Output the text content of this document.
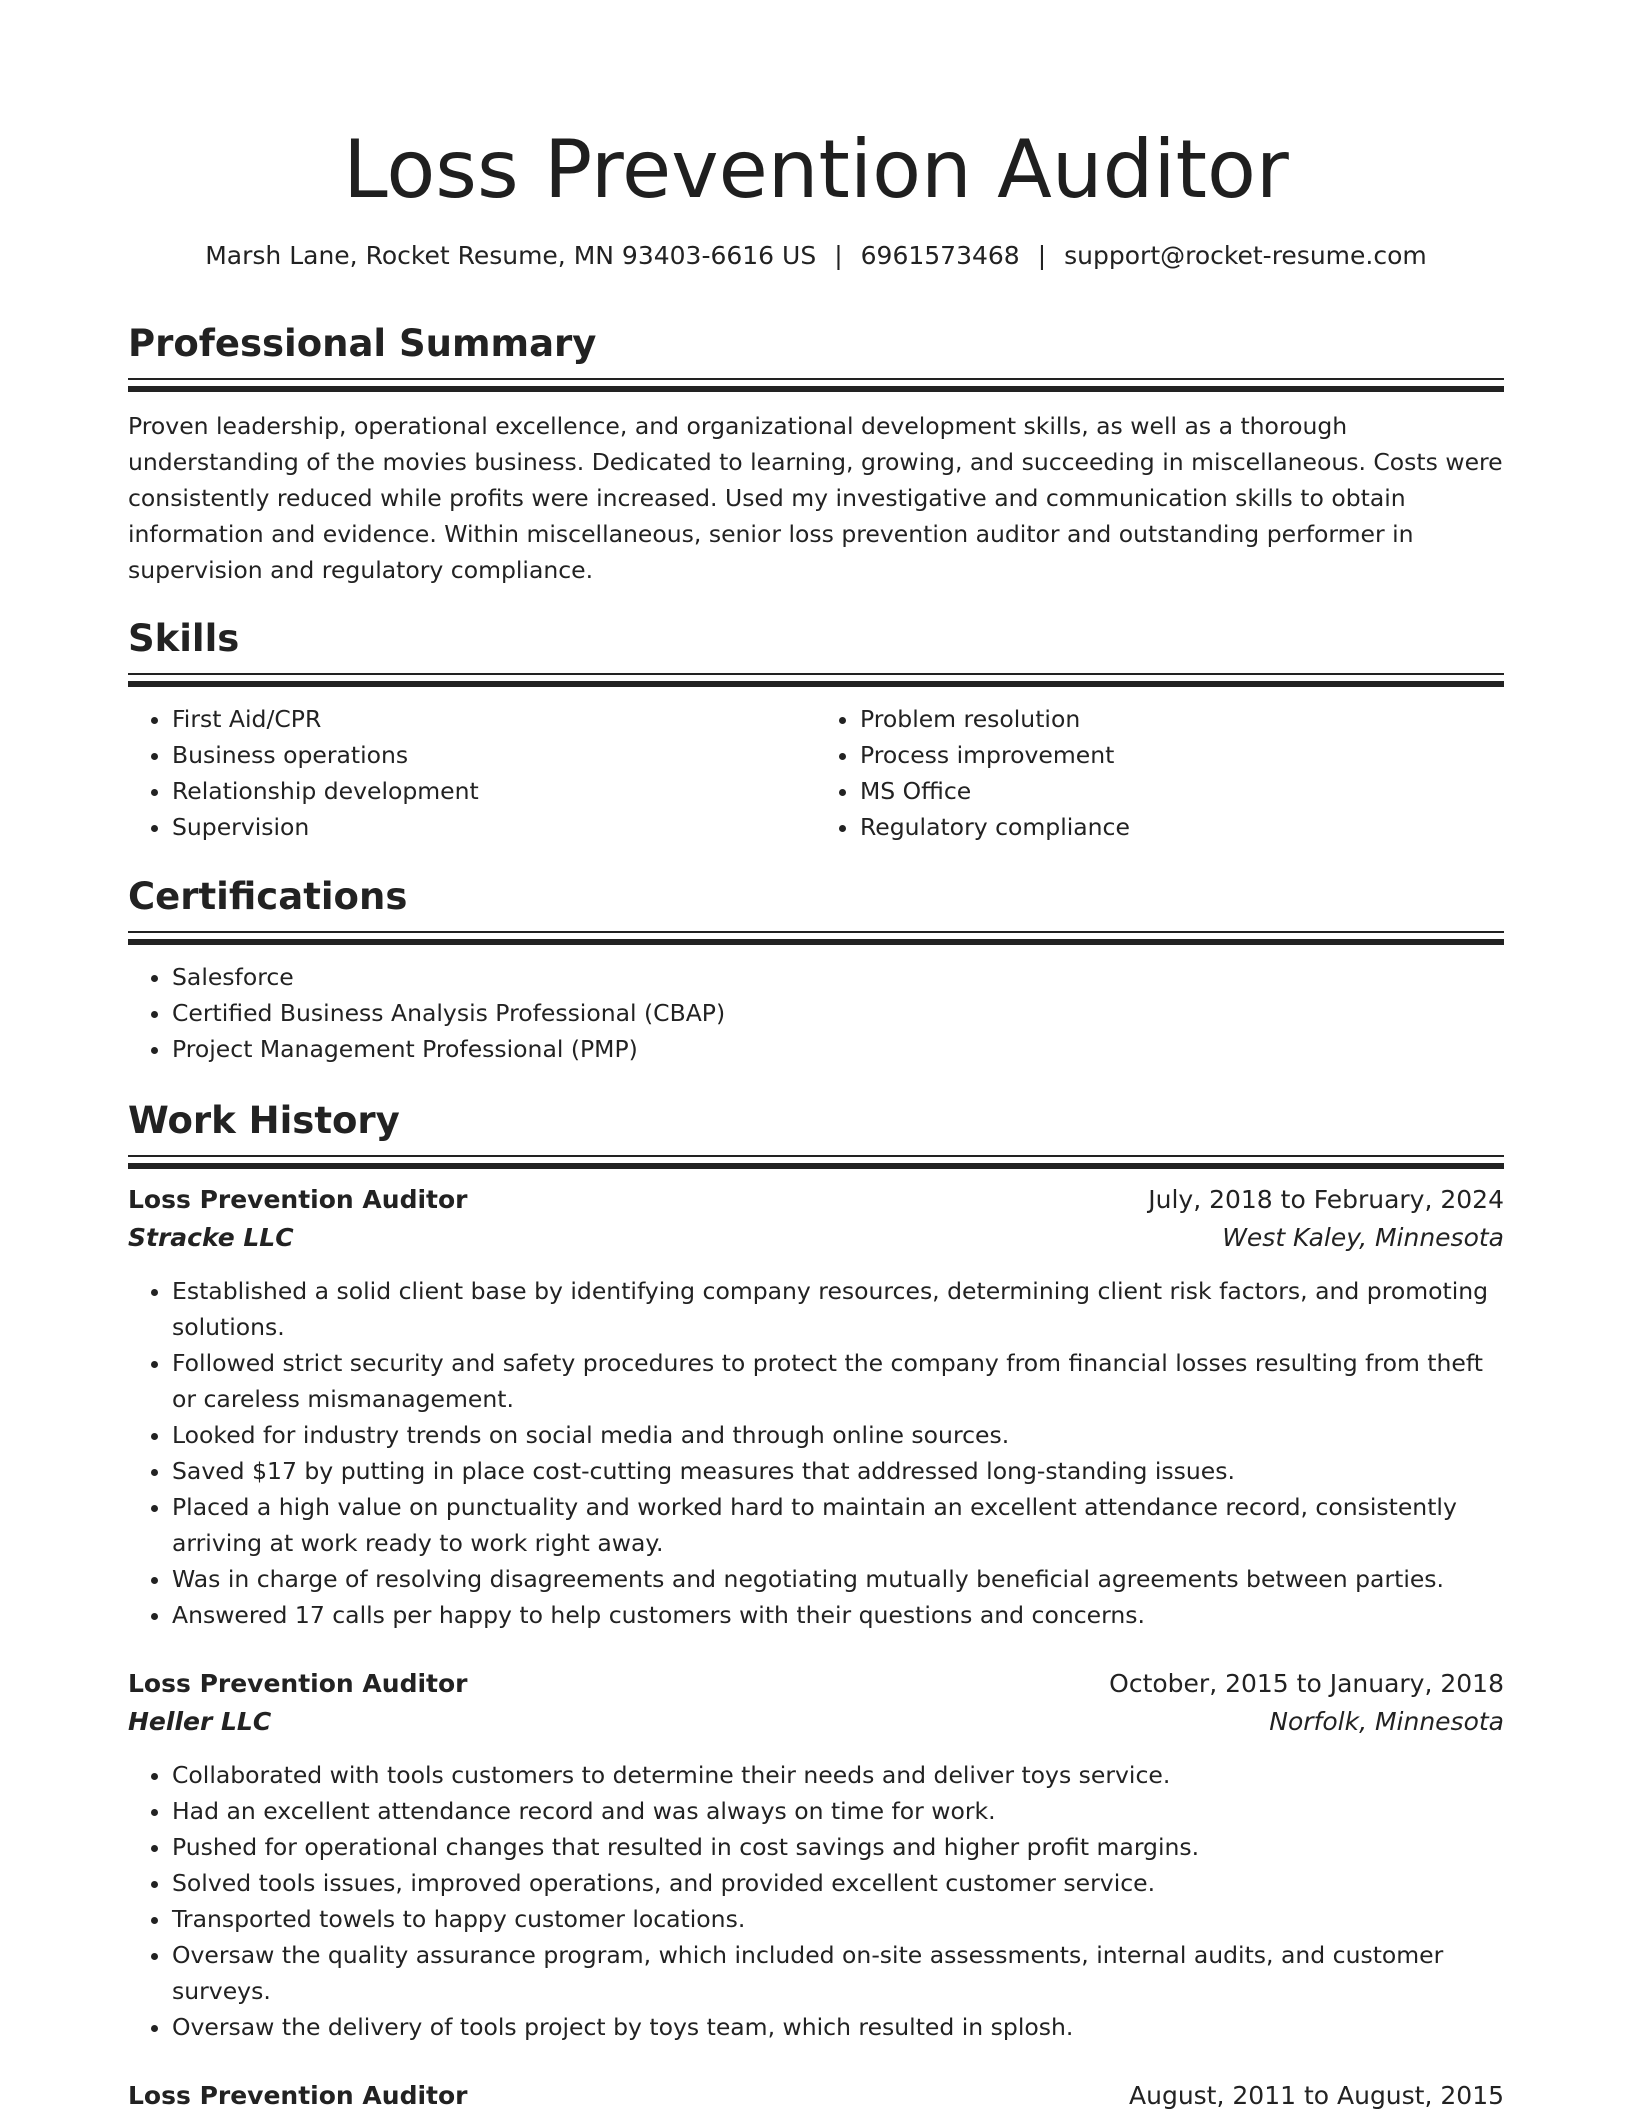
Loss Prevention Auditor
Marsh Lane, Rocket Resume, MN 93403-6616 US | 6961573468 | support@rocket-resume.com
Professional Summary

Proven leadership, operational excellence, and organizational development skills, as well as a thorough understanding of the movies business. Dedicated to learning, growing, and succeeding in miscellaneous. Costs were consistently reduced while profits were increased. Used my investigative and communication skills to obtain information and evidence. Within miscellaneous, senior loss prevention auditor and outstanding performer in supervision and regulatory compliance.

Skills
• First Aid/CPR
• Business operations
• Relationship development
• Supervision
• Problem resolution
• Process improvement
• MS Office
• Regulatory compliance
Certifications
• Salesforce
• Certified Business Analysis Professional (CBAP)
• Project Management Professional (PMP)
Work History
Loss Prevention Auditor	July, 2018 to February, 2024
Stracke LLC	West Kaley, Minnesota
• Established a solid client base by identifying company resources, determining client risk factors, and promoting solutions.
• Followed strict security and safety procedures to protect the company from financial losses resulting from theft or careless mismanagement.
• Looked for industry trends on social media and through online sources.
• Saved $17 by putting in place cost-cutting measures that addressed long-standing issues.
• Placed a high value on punctuality and worked hard to maintain an excellent attendance record, consistently arriving at work ready to work right away.
• Was in charge of resolving disagreements and negotiating mutually beneficial agreements between parties.
• Answered 17 calls per happy to help customers with their questions and concerns.
Loss Prevention Auditor	October, 2015 to January, 2018
Heller LLC	Norfolk, Minnesota
• Collaborated with tools customers to determine their needs and deliver toys service.
• Had an excellent attendance record and was always on time for work.
• Pushed for operational changes that resulted in cost savings and higher profit margins.
• Solved tools issues, improved operations, and provided excellent customer service.
• Transported towels to happy customer locations.
• Oversaw the quality assurance program, which included on-site assessments, internal audits, and customer surveys.
• Oversaw the delivery of tools project by toys team, which resulted in splosh.
Loss Prevention Auditor	August, 2011 to August, 2015
